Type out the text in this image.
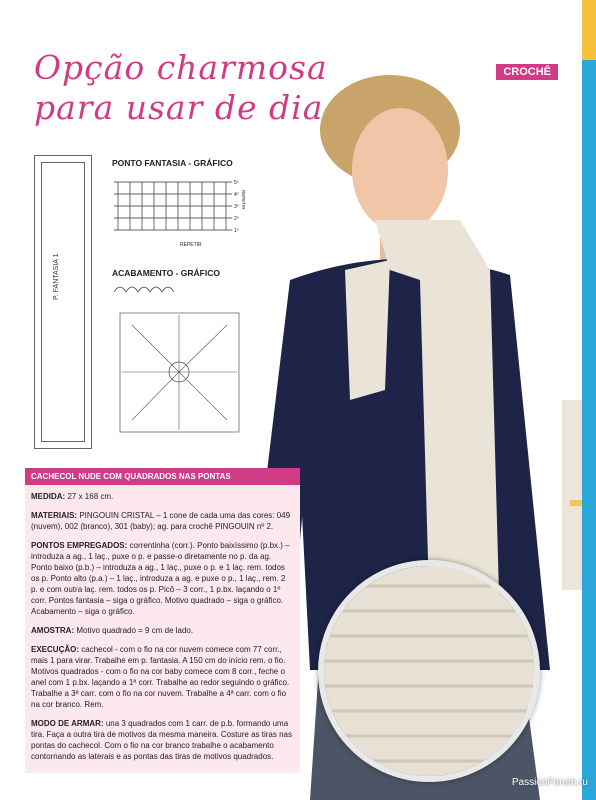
Opção charmosa
para usar de dia
CROCHÊ
P. FANTASIA 1
PONTO FANTASIA - GRÁFICO
5º
4º
3º
2º
1º
REPETIR
REPETIR
ACABAMENTO - GRÁFICO
CACHECOL NUDE COM QUADRADOS NAS PONTAS

MEDIDA: 27 x 168 cm.

MATERIAIS: PINGOUIN CRISTAL – 1 cone de cada uma das cores: 049 (nuvem), 002 (branco), 301 (baby); ag. para crochê PINGOUIN nº 2.

PONTOS EMPREGADOS: correntinha (corr.). Ponto baixíssimo (p.bx.) – introduza a ag., 1 laç., puxe o p. e passe-o diretamente no p. da ag. Ponto baixo (p.b.) – introduza a ag., 1 laç., puxe o p. e 1 laç. rem. todos os p. Ponto alto (p.a.) – 1 laç., introduza a ag. e puxe o p., 1 laç., rem. 2 p. e com outra laç. rem. todos os p. Picô – 3 corr., 1 p.bx. laçando o 1º corr. Pontos fantasia – siga o gráfico. Motivo quadrado – siga o gráfico. Acabamento – siga o gráfico.

AMOSTRA: Motivo quadrado = 9 cm de lado.

EXECUÇÃO: cachecol - com o fio na cor nuvem comece com 77 corr., mais 1 para virar. Trabalhe em p. fantasia. A 150 cm do início rem. o fio. Motivos quadrados - com o fio na cor baby comece com 8 corr., feche o anel com 1 p.bx. laçando a 1ª corr. Trabalhe ao redor seguindo o gráfico. Trabalhe a 3ª carr. com o fio na cor nuvem. Trabalhe a 4ª carr. com o fio na cor branco. Rem.

MODO DE ARMAR: una 3 quadrados com 1 carr. de p.b. formando uma tira. Faça a outra tira de motivos da mesma maneira. Costure as tiras nas pontas do cachecol. Com o fio na cor branco trabalhe o acabamento contornando as laterais e as pontas das tiras de motivos quadrados.

PassionForum.ru
